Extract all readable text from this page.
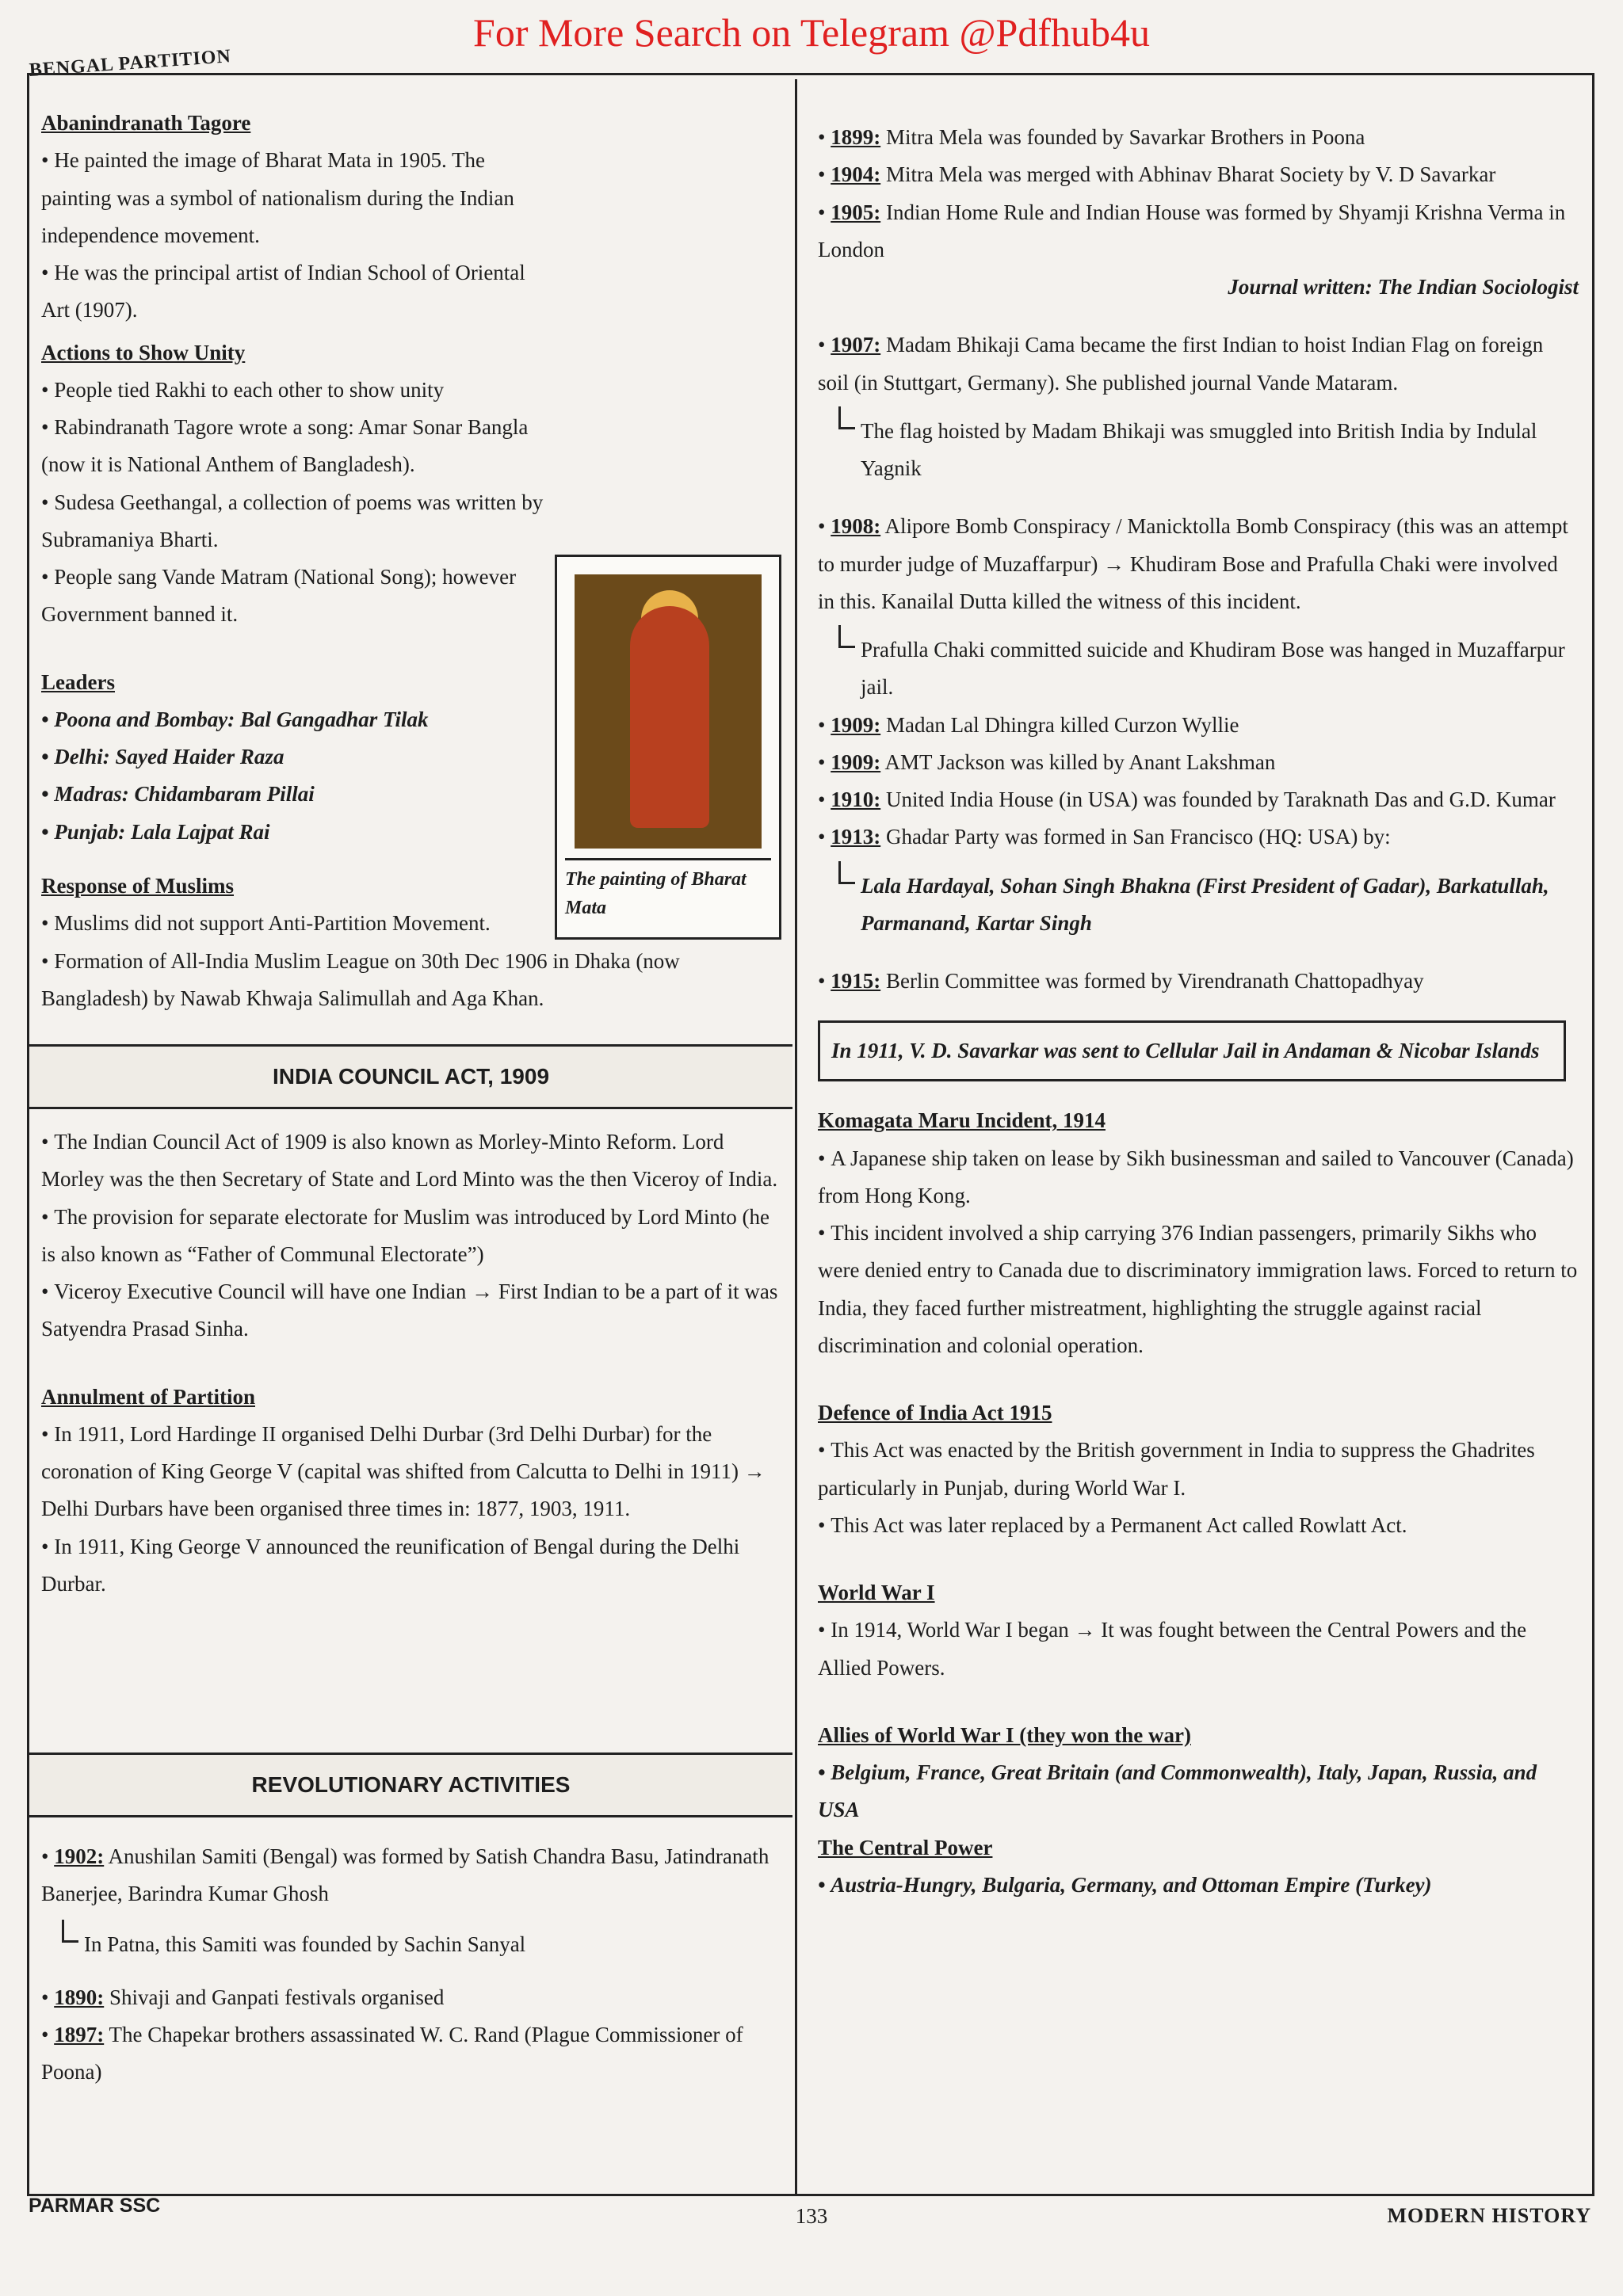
For More Search on Telegram @Pdfhub4u
BENGAL PARTITION

Abanindranath Tagore

• He painted the image of Bharat Mata in 1905. The painting was a symbol of nationalism during the Indian independence movement.

• He was the principal artist of Indian School of Oriental Art (1907).

Actions to Show Unity

• People tied Rakhi to each other to show unity

• Rabindranath Tagore wrote a song: Amar Sonar Bangla (now it is National Anthem of Bangladesh).

• Sudesa Geethangal, a collection of poems was written by Subramaniya Bharti.

• People sang Vande Matram (National Song); however Government banned it.

Leaders

• Poona and Bombay: Bal Gangadhar Tilak

• Delhi: Sayed Haider Raza

• Madras: Chidambaram Pillai

• Punjab: Lala Lajpat Rai

The painting of Bharat Mata

Response of Muslims

• Muslims did not support Anti-Partition Movement.

• Formation of All-India Muslim League on 30th Dec 1906 in Dhaka (now Bangladesh) by Nawab Khwaja Salimullah and Aga Khan.

INDIA COUNCIL ACT, 1909

• The Indian Council Act of 1909 is also known as Morley-Minto Reform. Lord Morley was the then Secretary of State and Lord Minto was the then Viceroy of India.

• The provision for separate electorate for Muslim was introduced by Lord Minto (he is also known as “Father of Communal Electorate”)

• Viceroy Executive Council will have one Indian → First Indian to be a part of it was Satyendra Prasad Sinha.

Annulment of Partition

• In 1911, Lord Hardinge II organised Delhi Durbar (3rd Delhi Durbar) for the coronation of King George V (capital was shifted from Calcutta to Delhi in 1911) → Delhi Durbars have been organised three times in: 1877, 1903, 1911.

• In 1911, King George V announced the reunification of Bengal during the Delhi Durbar.

REVOLUTIONARY ACTIVITIES

• 1902: Anushilan Samiti (Bengal) was formed by Satish Chandra Basu, Jatindranath Banerjee, Barindra Kumar Ghosh

In Patna, this Samiti was founded by Sachin Sanyal

• 1890: Shivaji and Ganpati festivals organised

• 1897: The Chapekar brothers assassinated W. C. Rand (Plague Commissioner of Poona)

• 1899: Mitra Mela was founded by Savarkar Brothers in Poona

• 1904: Mitra Mela was merged with Abhinav Bharat Society by V. D Savarkar

• 1905: Indian Home Rule and Indian House was formed by Shyamji Krishna Verma in London

Journal written: The Indian Sociologist

• 1907: Madam Bhikaji Cama became the first Indian to hoist Indian Flag on foreign soil (in Stuttgart, Germany). She published journal Vande Mataram.

The flag hoisted by Madam Bhikaji was smuggled into British India by Indulal Yagnik

• 1908: Alipore Bomb Conspiracy / Manicktolla Bomb Conspiracy (this was an attempt to murder judge of Muzaffarpur) → Khudiram Bose and Prafulla Chaki were involved in this. Kanailal Dutta killed the witness of this incident.

Prafulla Chaki committed suicide and Khudiram Bose was hanged in Muzaffarpur jail.

• 1909: Madan Lal Dhingra killed Curzon Wyllie

• 1909: AMT Jackson was killed by Anant Lakshman

• 1910: United India House (in USA) was founded by Taraknath Das and G.D. Kumar

• 1913: Ghadar Party was formed in San Francisco (HQ: USA) by:

Lala Hardayal, Sohan Singh Bhakna (First President of Gadar), Barkatullah, Parmanand, Kartar Singh

• 1915: Berlin Committee was formed by Virendranath Chattopadhyay

In 1911, V. D. Savarkar was sent to Cellular Jail in Andaman & Nicobar Islands

Komagata Maru Incident, 1914

• A Japanese ship taken on lease by Sikh businessman and sailed to Vancouver (Canada) from Hong Kong.

• This incident involved a ship carrying 376 Indian passengers, primarily Sikhs who were denied entry to Canada due to discriminatory immigration laws. Forced to return to India, they faced further mistreatment, highlighting the struggle against racial discrimination and colonial operation.

Defence of India Act 1915

• This Act was enacted by the British government in India to suppress the Ghadrites particularly in Punjab, during World War I.

• This Act was later replaced by a Permanent Act called Rowlatt Act.

World War I

• In 1914, World War I began → It was fought between the Central Powers and the Allied Powers.

Allies of World War I (they won the war)

• Belgium, France, Great Britain (and Commonwealth), Italy, Japan, Russia, and USA

The Central Power

• Austria-Hungry, Bulgaria, Germany, and Ottoman Empire (Turkey)

PARMAR SSC	133	MODERN HISTORY
